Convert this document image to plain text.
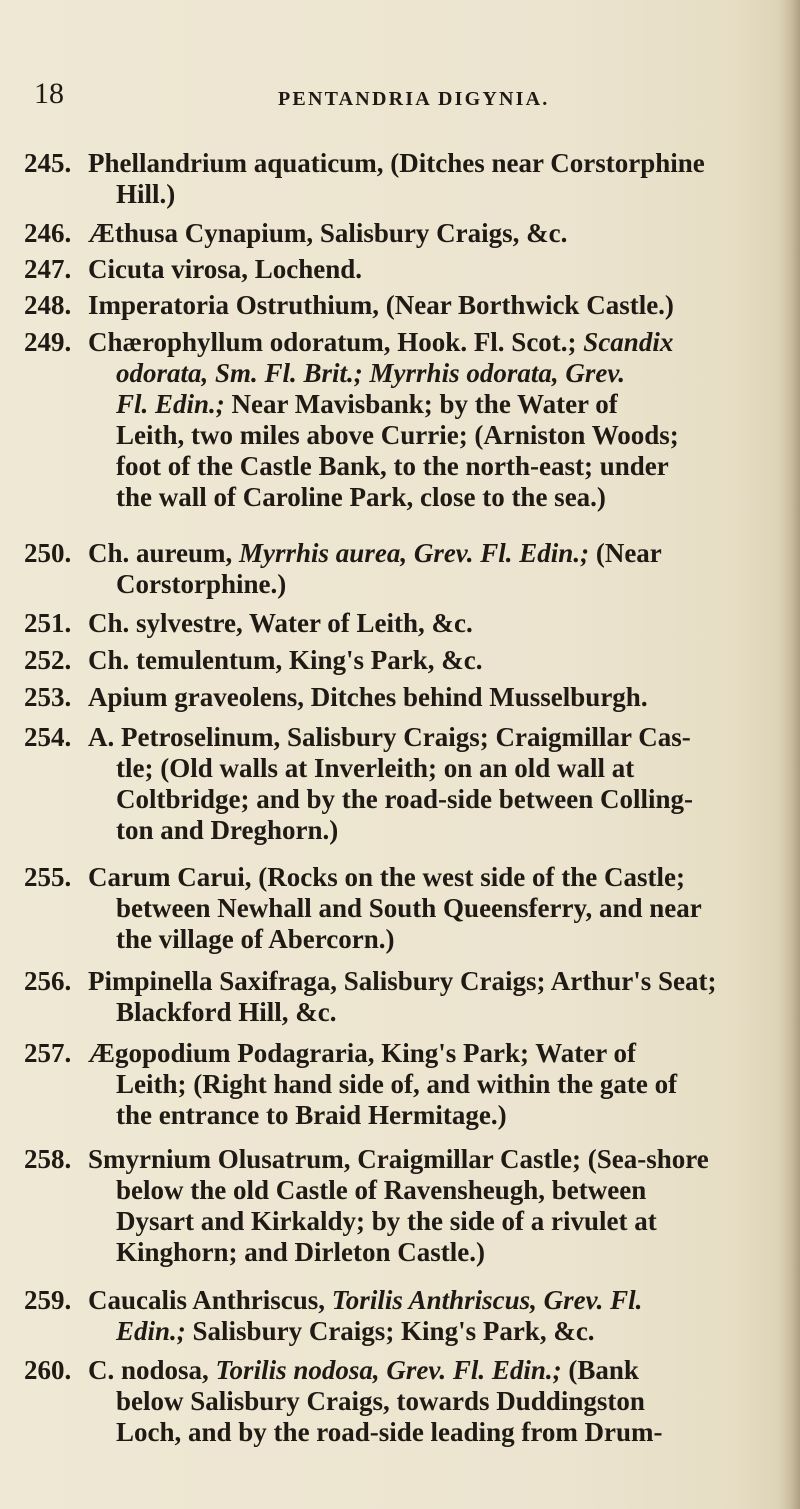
18	PENTANDRIA DIGYNIA.
245. Phellandrium aquaticum, (Ditches near Corstorphine
Hill.)
246. Æthusa Cynapium, Salisbury Craigs, &c.
247. Cicuta virosa, Lochend.
248. Imperatoria Ostruthium, (Near Borthwick Castle.)
249. Chærophyllum odoratum, Hook. Fl. Scot.; Scandix
odorata, Sm. Fl. Brit.; Myrrhis odorata, Grev.
Fl. Edin.; Near Mavisbank; by the Water of
Leith, two miles above Currie; (Arniston Woods;
foot of the Castle Bank, to the north-east; under
the wall of Caroline Park, close to the sea.)
250. Ch. aureum, Myrrhis aurea, Grev. Fl. Edin.; (Near
Corstorphine.)
251. Ch. sylvestre, Water of Leith, &c.
252. Ch. temulentum, King's Park, &c.
253. Apium graveolens, Ditches behind Musselburgh.
254. A. Petroselinum, Salisbury Craigs; Craigmillar Cas-
tle; (Old walls at Inverleith; on an old wall at
Coltbridge; and by the road-side between Colling-
ton and Dreghorn.)
255. Carum Carui, (Rocks on the west side of the Castle;
between Newhall and South Queensferry, and near
the village of Abercorn.)
256. Pimpinella Saxifraga, Salisbury Craigs; Arthur's Seat;
Blackford Hill, &c.
257. Ægopodium Podagraria, King's Park; Water of
Leith; (Right hand side of, and within the gate of
the entrance to Braid Hermitage.)
258. Smyrnium Olusatrum, Craigmillar Castle; (Sea-shore
below the old Castle of Ravensheugh, between
Dysart and Kirkaldy; by the side of a rivulet at
Kinghorn; and Dirleton Castle.)
259. Caucalis Anthriscus, Torilis Anthriscus, Grev. Fl.
Edin.; Salisbury Craigs; King's Park, &c.
260. C. nodosa, Torilis nodosa, Grev. Fl. Edin.; (Bank
below Salisbury Craigs, towards Duddingston
Loch, and by the road-side leading from Drum-
